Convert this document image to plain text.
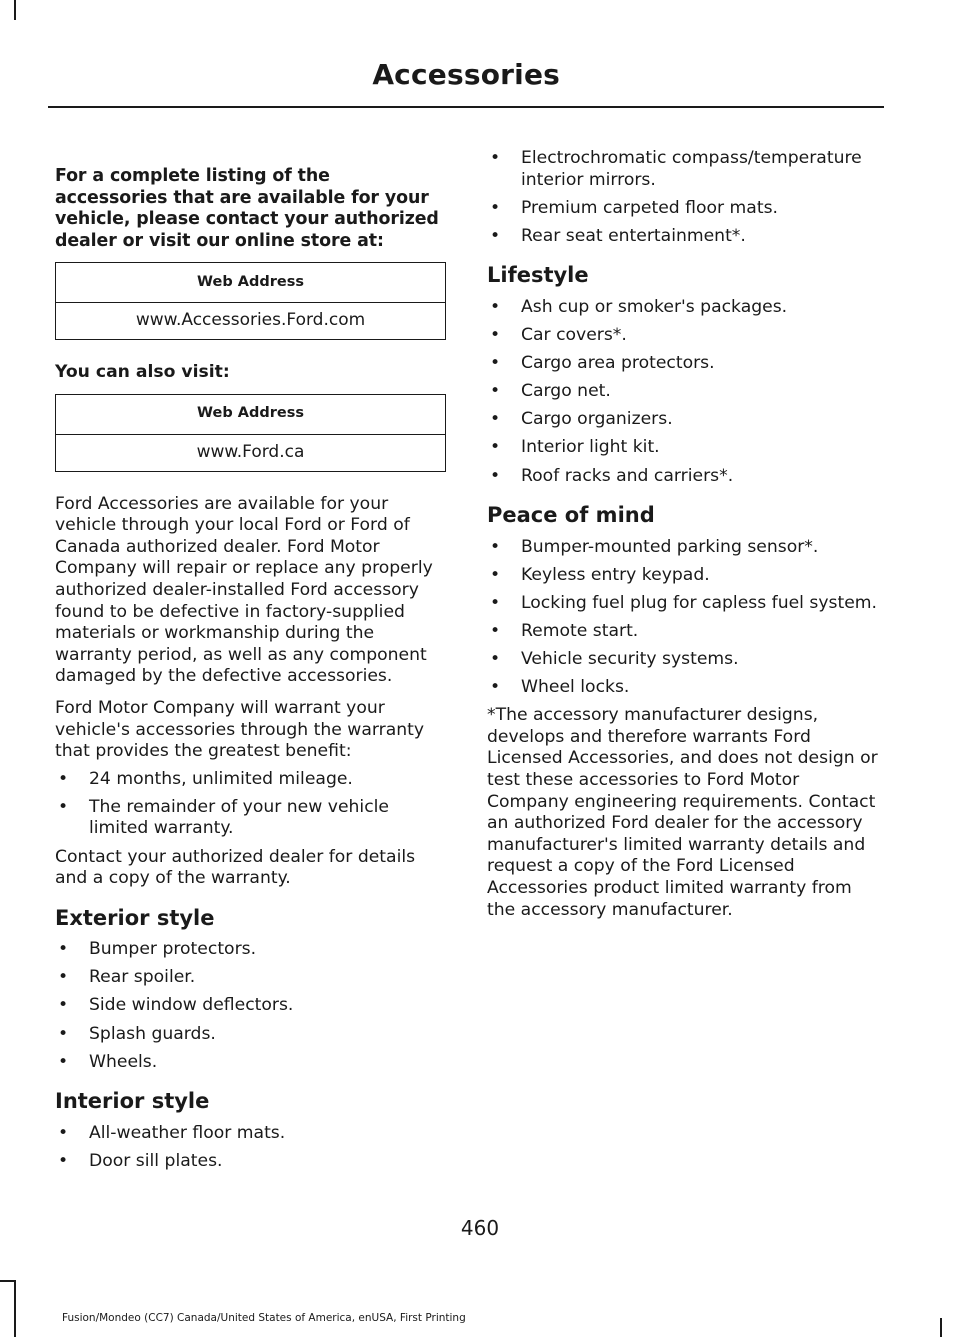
Accessories

For a complete listing of the accessories that are available for your vehicle, please contact your authorized dealer or visit our online store at:

Web Address
www.Accessories.Ford.com

You can also visit:

Web Address
www.Ford.ca

Ford Accessories are available for your vehicle through your local Ford or Ford of Canada authorized dealer. Ford Motor Company will repair or replace any properly authorized dealer-installed Ford accessory found to be defective in factory-supplied materials or workmanship during the warranty period, as well as any component damaged by the defective accessories.

Ford Motor Company will warrant your vehicle's accessories through the warranty that provides the greatest benefit:

• 24 months, unlimited mileage.
• The remainder of your new vehicle limited warranty.

Contact your authorized dealer for details and a copy of the warranty.

Exterior style
• Bumper protectors.
• Rear spoiler.
• Side window deflectors.
• Splash guards.
• Wheels.
Interior style
• All-weather floor mats.
• Door sill plates.
• Electrochromatic compass/temperature interior mirrors.
• Premium carpeted floor mats.
• Rear seat entertainment*.
Lifestyle
• Ash cup or smoker's packages.
• Car covers*.
• Cargo area protectors.
• Cargo net.
• Cargo organizers.
• Interior light kit.
• Roof racks and carriers*.
Peace of mind
• Bumper-mounted parking sensor*.
• Keyless entry keypad.
• Locking fuel plug for capless fuel system.
• Remote start.
• Vehicle security systems.
• Wheel locks.

*The accessory manufacturer designs, develops and therefore warrants Ford Licensed Accessories, and does not design or test these accessories to Ford Motor Company engineering requirements. Contact an authorized Ford dealer for the accessory manufacturer's limited warranty details and request a copy of the Ford Licensed Accessories product limited warranty from the accessory manufacturer.

460
Fusion/Mondeo (CC7) Canada/United States of America, enUSA, First Printing
